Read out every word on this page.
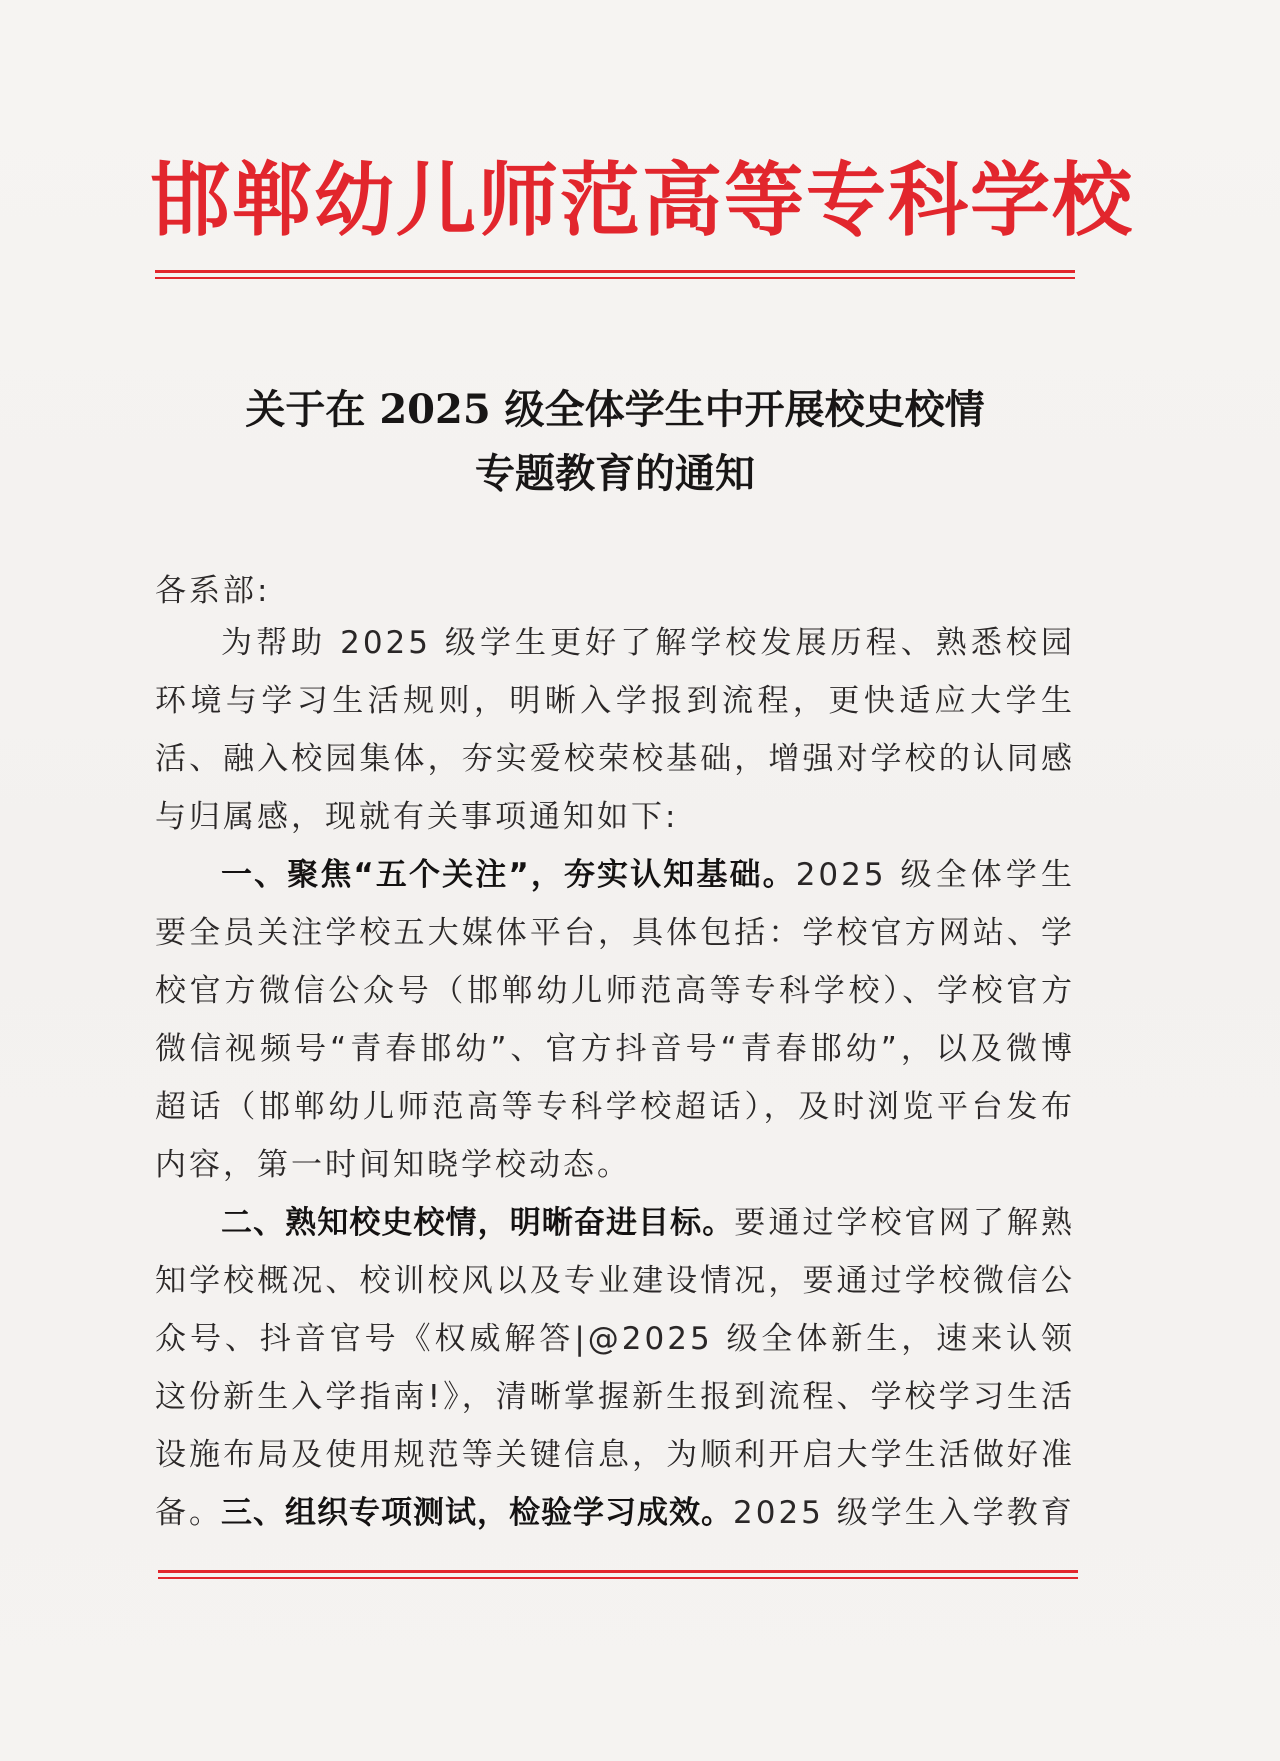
邯郸幼儿师范高等专科学校
关于在 2025 级全体学生中开展校史校情
专题教育的通知
各系部:
为帮助 2025 级学生更好了解学校发展历程、熟悉校园环境与学习生活规则，明晰入学报到流程，更快适应大学生活、融入校园集体，夯实爱校荣校基础，增强对学校的认同感与归属感，现就有关事项通知如下:
一、聚焦“五个关注”，夯实认知基础。2025 级全体学生要全员关注学校五大媒体平台，具体包括：学校官方网站、学校官方微信公众号（邯郸幼儿师范高等专科学校）、学校官方微信视频号“青春邯幼”、官方抖音号“青春邯幼”，以及微博超话（邯郸幼儿师范高等专科学校超话），及时浏览平台发布内容，第一时间知晓学校动态。
二、熟知校史校情，明晰奋进目标。要通过学校官网了解熟知学校概况、校训校风以及专业建设情况，要通过学校微信公众号、抖音官号《权威解答|@2025 级全体新生，速来认领这份新生入学指南!》，清晰掌握新生报到流程、学校学习生活设施布局及使用规范等关键信息，为顺利开启大学生活做好准备。
三、组织专项测试，检验学习成效。2025 级学生入学教育
